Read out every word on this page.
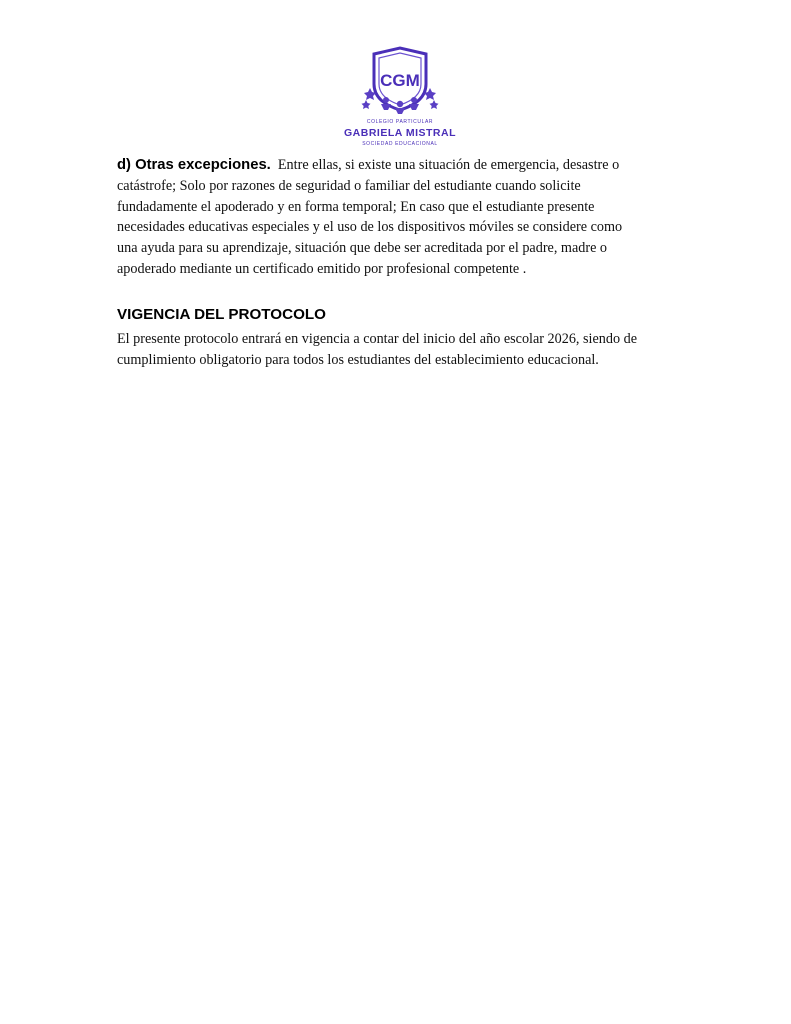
CGM
COLEGIO PARTICULAR
GABRIELA MISTRAL
SOCIEDAD EDUCACIONAL
d) Otras excepciones. Entre ellas, si existe una situación de emergencia, desastre o
catástrofe; Solo por razones de seguridad o familiar del estudiante cuando solicite
fundadamente el apoderado y en forma temporal; En caso que el estudiante presente
necesidades educativas especiales y el uso de los dispositivos móviles se considere como
una ayuda para su aprendizaje, situación que debe ser acreditada por el padre, madre o
apoderado mediante un certificado emitido por profesional competente .
VIGENCIA DEL PROTOCOLO
El presente protocolo entrará en vigencia a contar del inicio del año escolar 2026, siendo de
cumplimiento obligatorio para todos los estudiantes del establecimiento educacional.
